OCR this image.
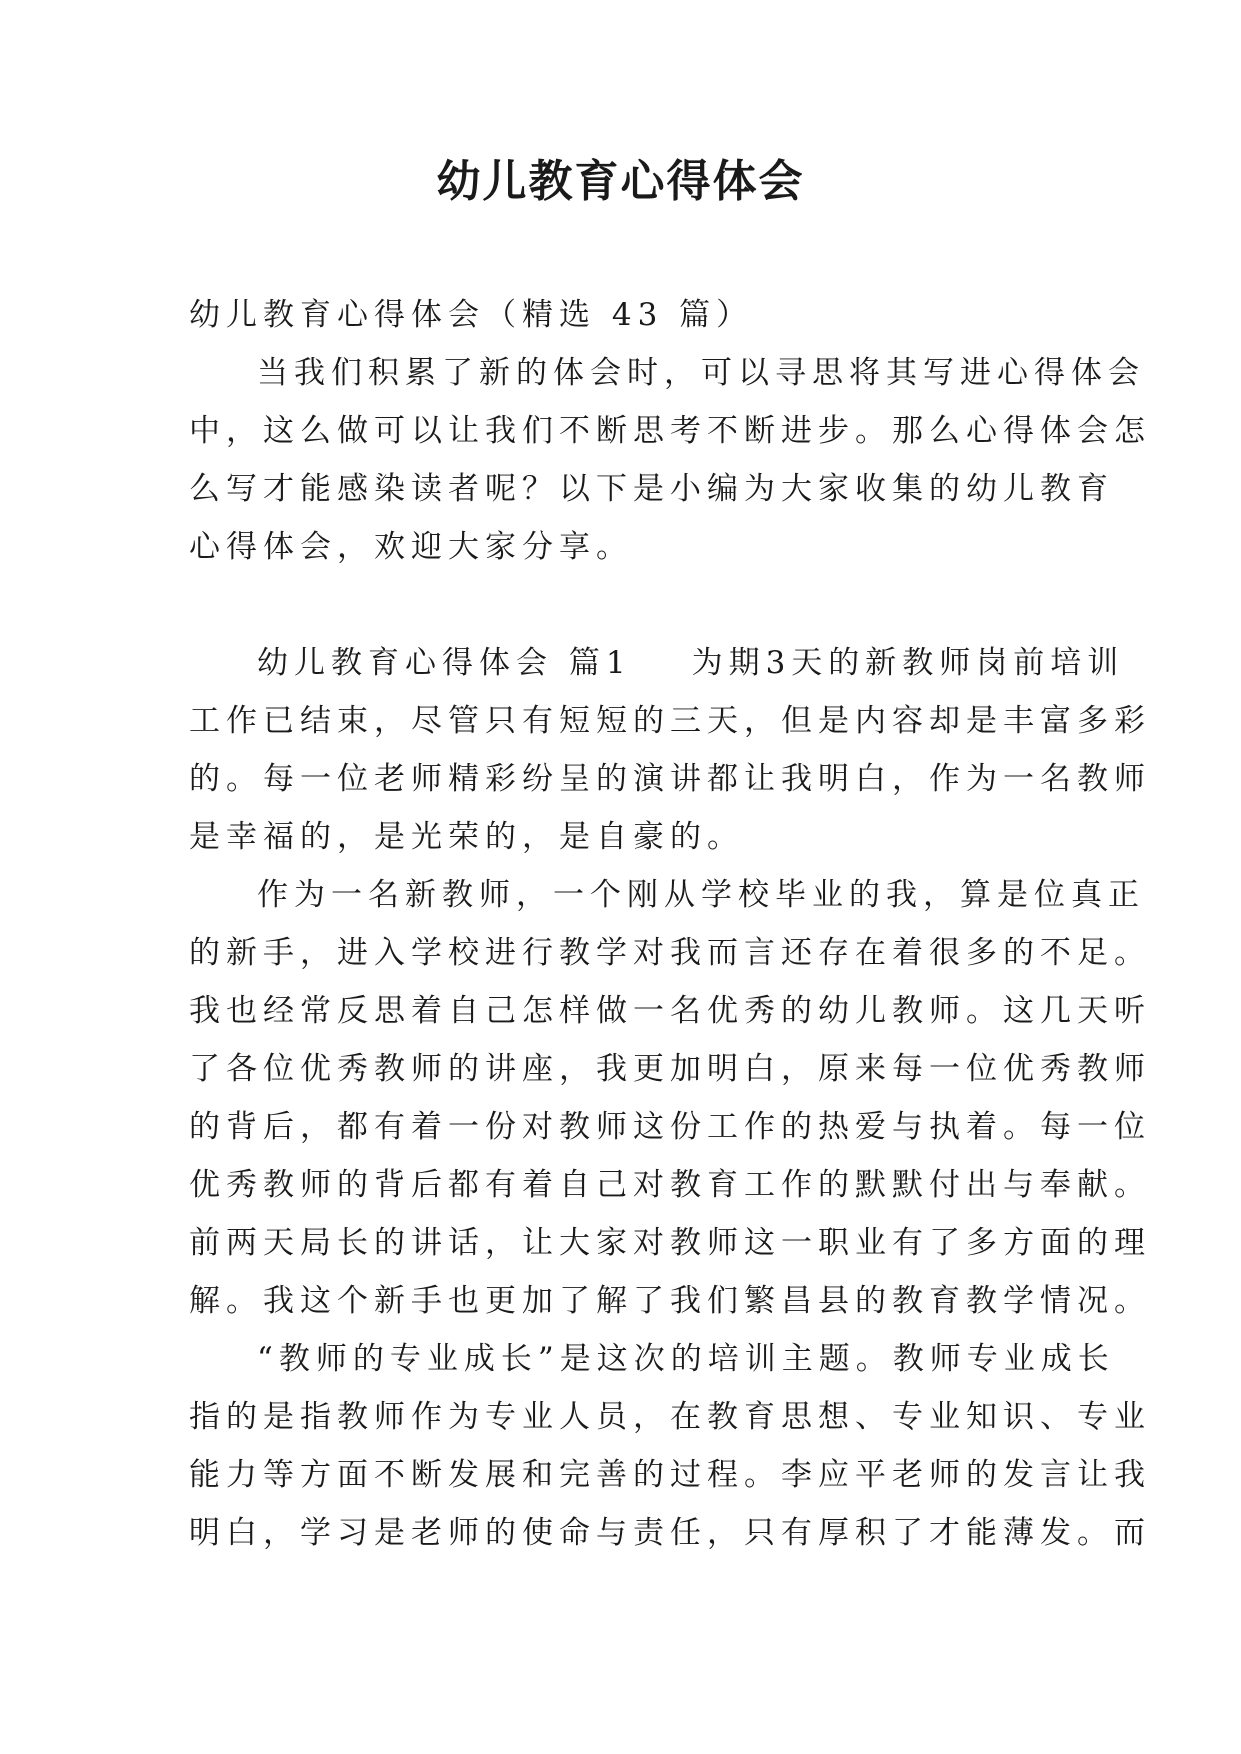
幼儿教育心得体会
幼儿教育心得体会（精选 43 篇）
当我们积累了新的体会时，可以寻思将其写进心得体会
中，这么做可以让我们不断思考不断进步。那么心得体会怎
么写才能感染读者呢？以下是小编为大家收集的幼儿教育
心得体会，欢迎大家分享。
幼儿教育心得体会 篇1 为期3天的新教师岗前培训
工作已结束，尽管只有短短的三天，但是内容却是丰富多彩
的。每一位老师精彩纷呈的演讲都让我明白，作为一名教师
是幸福的，是光荣的，是自豪的。
作为一名新教师，一个刚从学校毕业的我，算是位真正
的新手，进入学校进行教学对我而言还存在着很多的不足。
我也经常反思着自己怎样做一名优秀的幼儿教师。这几天听
了各位优秀教师的讲座，我更加明白，原来每一位优秀教师
的背后，都有着一份对教师这份工作的热爱与执着。每一位
优秀教师的背后都有着自己对教育工作的默默付出与奉献。
前两天局长的讲话，让大家对教师这一职业有了多方面的理
解。我这个新手也更加了解了我们繁昌县的教育教学情况。
“教师的专业成长”是这次的培训主题。教师专业成长
指的是指教师作为专业人员，在教育思想、专业知识、专业
能力等方面不断发展和完善的过程。李应平老师的发言让我
明白，学习是老师的使命与责任，只有厚积了才能薄发。而
